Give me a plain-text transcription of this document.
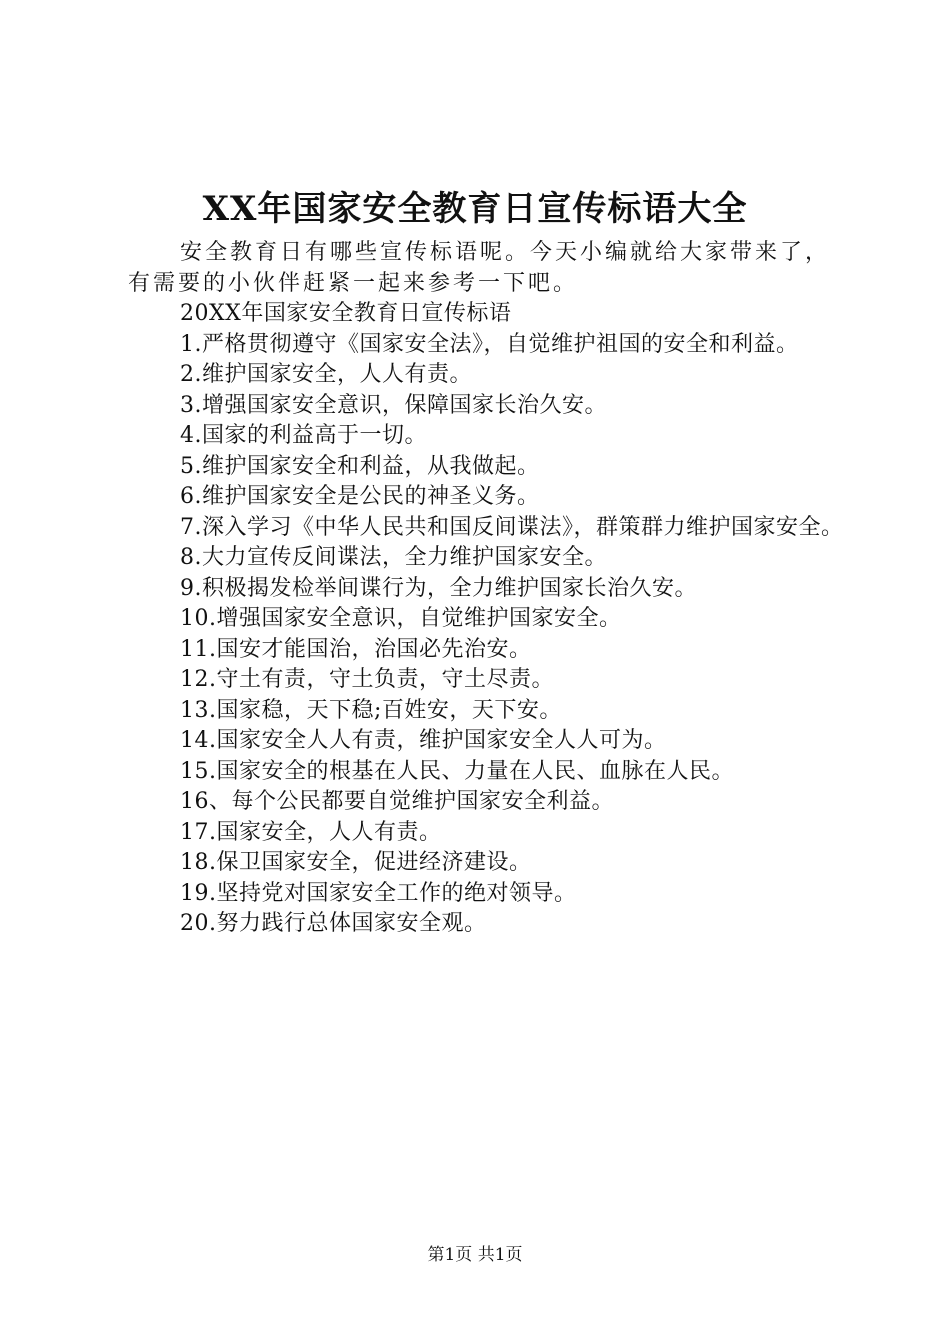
XX年国家安全教育日宣传标语大全

安全教育日有哪些宣传标语呢。今天小编就给大家带来了，有需要的小伙伴赶紧一起来参考一下吧。

20XX年国家安全教育日宣传标语

1.严格贯彻遵守《国家安全法》，自觉维护祖国的安全和利益。
2.维护国家安全，人人有责。
3.增强国家安全意识，保障国家长治久安。
4.国家的利益高于一切。
5.维护国家安全和利益，从我做起。
6.维护国家安全是公民的神圣义务。
7.深入学习《中华人民共和国反间谍法》，群策群力维护国家安全。
8.大力宣传反间谍法，全力维护国家安全。
9.积极揭发检举间谍行为，全力维护国家长治久安。
10.增强国家安全意识，自觉维护国家安全。
11.国安才能国治，治国必先治安。
12.守土有责，守土负责，守土尽责。
13.国家稳，天下稳;百姓安，天下安。
14.国家安全人人有责，维护国家安全人人可为。
15.国家安全的根基在人民、力量在人民、血脉在人民。
16、每个公民都要自觉维护国家安全利益。
17.国家安全，人人有责。
18.保卫国家安全，促进经济建设。
19.坚持党对国家安全工作的绝对领导。
20.努力践行总体国家安全观。
第1页 共1页
